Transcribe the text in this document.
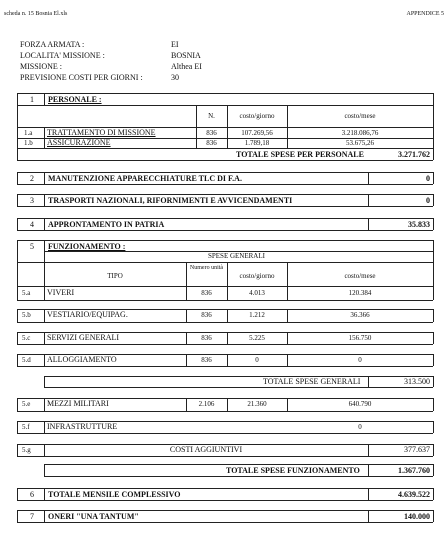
scheda n. 15 Bosnia El.xls	APPENDICE 5
FORZA ARMATA :	EI
LOCALITA' MISSIONE :	BOSNIA
MISSIONE :	Althea EI
PREVISIONE COSTI PER GIORNI :	30
1 PERSONALE :
N.	costo/giorno	costo/mese
1.a TRATTAMENTO DI MISSIONE	836	107.269,56	3.218.086,76
1.b ASSICURAZIONE	836	1.789,18	53.675,26
TOTALE SPESE PER PERSONALE	3.271.762
2 MANUTENZIONE APPARECCHIATURE TLC DI F.A.	0
3 TRASPORTI NAZIONALI, RIFORNIMENTI E AVVICENDAMENTI	0
4 APPRONTAMENTO IN PATRIA	35.833
5 FUNZIONAMENTO :
SPESE GENERALI
TIPO
Numero unità
costo/giorno	costo/mese
5.a VIVERI	836	4.013	120.384
5.b VESTIARIO/EQUIPAG.	836	1.212	36.366
5.c SERVIZI GENERALI	836	5.225	156.750
5.d ALLOGGIAMENTO	836	0	0
TOTALE SPESE GENERALI	313.500
5.e MEZZI MILITARI	2.106	21.360	640.790
5.f INFRASTRUTTURE	0
5.g	COSTI AGGIUNTIVI	377.637
TOTALE SPESE FUNZIONAMENTO	1.367.760
6 TOTALE MENSILE COMPLESSIVO	4.639.522
7 ONERI "UNA TANTUM"	140.000
